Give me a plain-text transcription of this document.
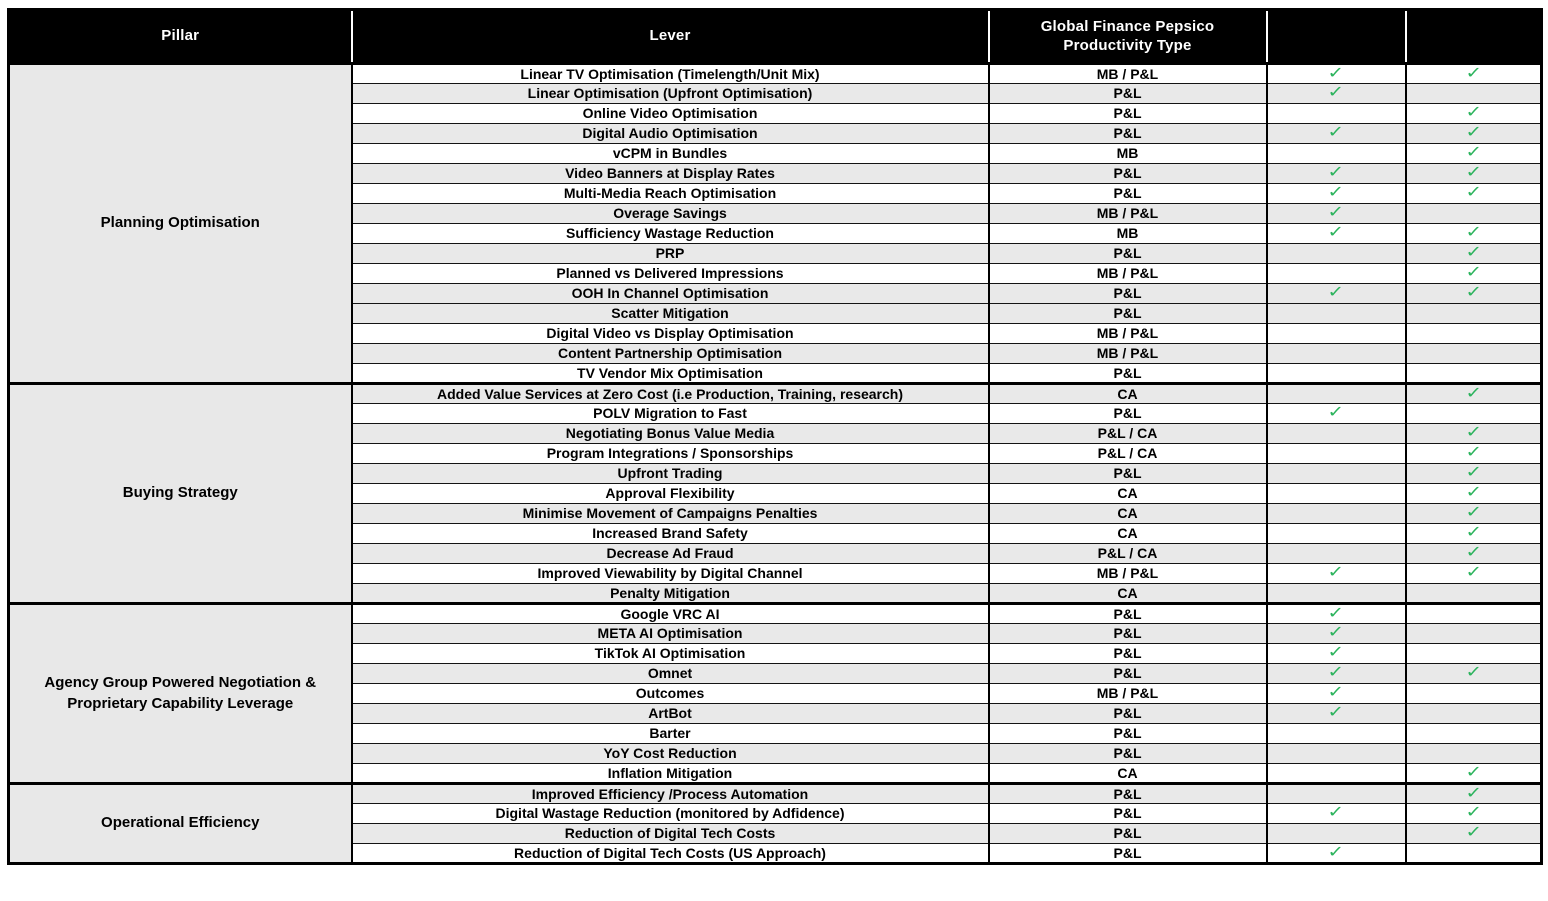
Pillar	Lever	Global Finance Pepsico Productivity Type		
Planning Optimisation	Linear TV Optimisation (Timelength/Unit Mix)	MB / P&L	✓	✓
	Linear Optimisation (Upfront Optimisation)	P&L	✓	
	Online Video Optimisation	P&L		✓
	Digital Audio Optimisation	P&L	✓	✓
	vCPM in Bundles	MB		✓
	Video Banners at Display Rates	P&L	✓	✓
	Multi-Media Reach Optimisation	P&L	✓	✓
	Overage Savings	MB / P&L	✓	
	Sufficiency Wastage Reduction	MB	✓	✓
	PRP	P&L		✓
	Planned vs Delivered Impressions	MB / P&L		✓
	OOH In Channel Optimisation	P&L	✓	✓
	Scatter Mitigation	P&L		
	Digital Video vs Display Optimisation	MB / P&L		
	Content Partnership Optimisation	MB / P&L		
	TV Vendor Mix Optimisation	P&L		
Buying Strategy	Added Value Services at Zero Cost (i.e Production, Training, research)	CA		✓
	POLV Migration to Fast	P&L	✓	
	Negotiating Bonus Value Media	P&L / CA		✓
	Program Integrations / Sponsorships	P&L / CA		✓
	Upfront Trading	P&L		✓
	Approval Flexibility	CA		✓
	Minimise Movement of Campaigns Penalties	CA		✓
	Increased Brand Safety	CA		✓
	Decrease Ad Fraud	P&L / CA		✓
	Improved Viewability by Digital Channel	MB / P&L	✓	✓
	Penalty Mitigation	CA		
Agency Group Powered Negotiation & Proprietary Capability Leverage	Google VRC AI	P&L	✓	
	META AI Optimisation	P&L	✓	
	TikTok AI Optimisation	P&L	✓	
	Omnet	P&L	✓	✓
	Outcomes	MB / P&L	✓	
	ArtBot	P&L	✓	
	Barter	P&L		
	YoY Cost Reduction	P&L		
	Inflation Mitigation	CA		✓
Operational Efficiency	Improved Efficiency /Process Automation	P&L		✓
	Digital Wastage Reduction (monitored by Adfidence)	P&L	✓	✓
	Reduction of Digital Tech Costs	P&L		✓
	Reduction of Digital Tech Costs (US Approach)	P&L	✓	
